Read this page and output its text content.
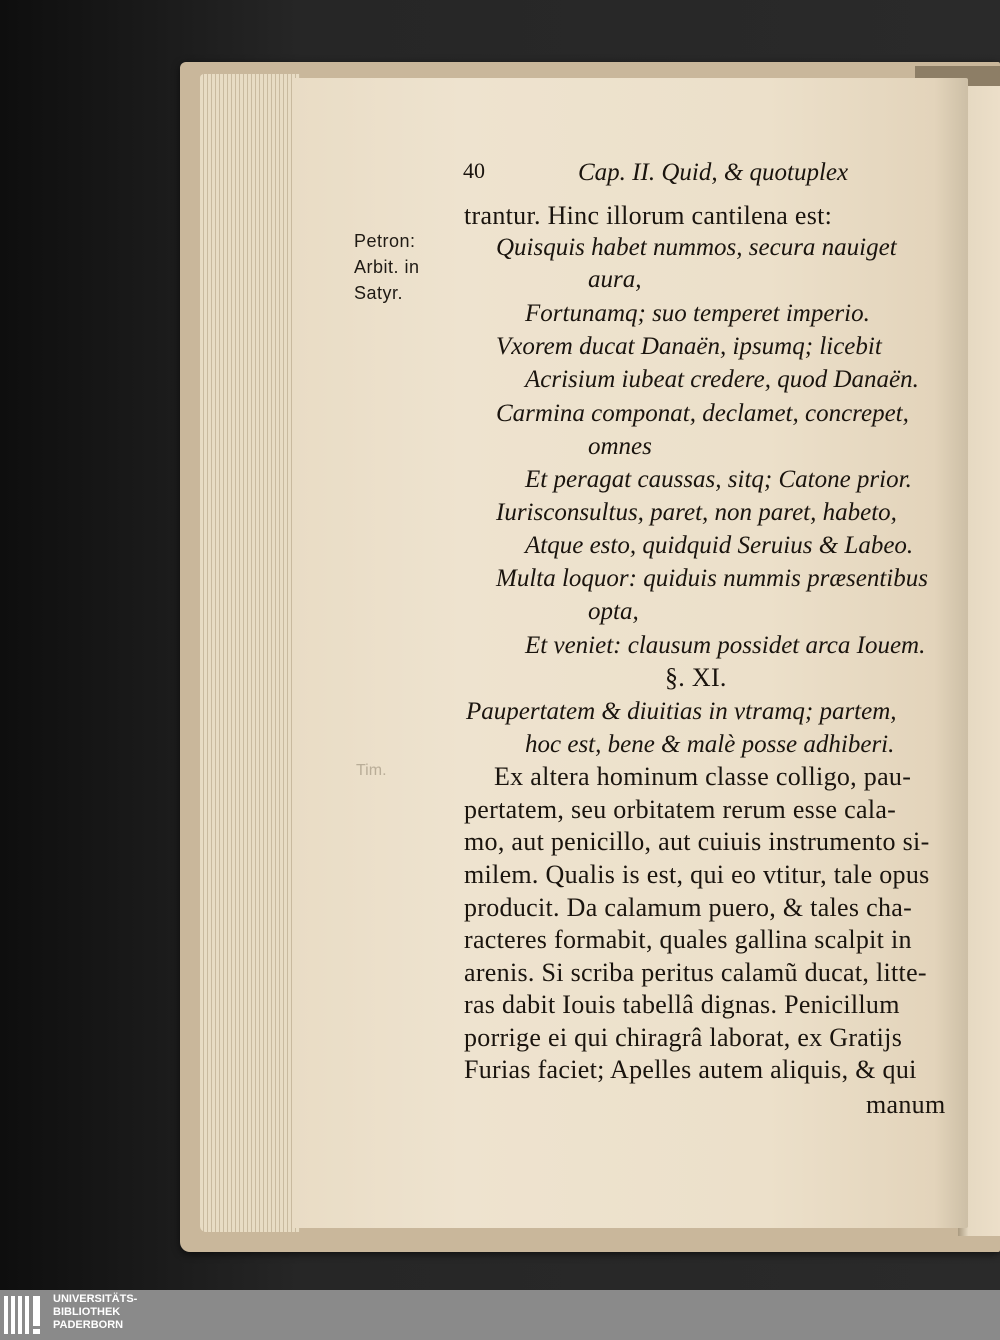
Tim.
40	Cap. II. Quid, & quotuplex
Petron:
Arbit. in
Satyr.
trantur. Hinc illorum cantilena est:
Quisquis habet nummos, secura nauiget
aura,
Fortunamq; suo temperet imperio.
Vxorem ducat Danaën, ipsumq; licebit
Acrisium iubeat credere, quod Danaën.
Carmina componat, declamet, concrepet,
omnes
Et peragat caussas, sitq; Catone prior.
Iurisconsultus, paret, non paret, habeto,
Atque esto, quidquid Seruius & Labeo.
Multa loquor: quiduis nummis præsentibus
opta,
Et veniet: clausum possidet arca Iouem.
§. XI.
Paupertatem & diuitias in vtramq; partem,
hoc est, bene & malè posse adhiberi.
Ex altera hominum classe colligo, pau-
pertatem, seu orbitatem rerum esse cala-
mo, aut penicillo, aut cuiuis instrumento si-
milem. Qualis is est, qui eo vtitur, tale opus
producit. Da calamum puero, & tales cha-
racteres formabit, quales gallina scalpit in
arenis. Si scriba peritus calamũ ducat, litte-
ras dabit Iouis tabellâ dignas. Penicillum
porrige ei qui chiragrâ laborat, ex Gratijs
Furias faciet; Apelles autem aliquis, & qui
manum
UNIVERSITÄTS-
BIBLIOTHEK
PADERBORN
